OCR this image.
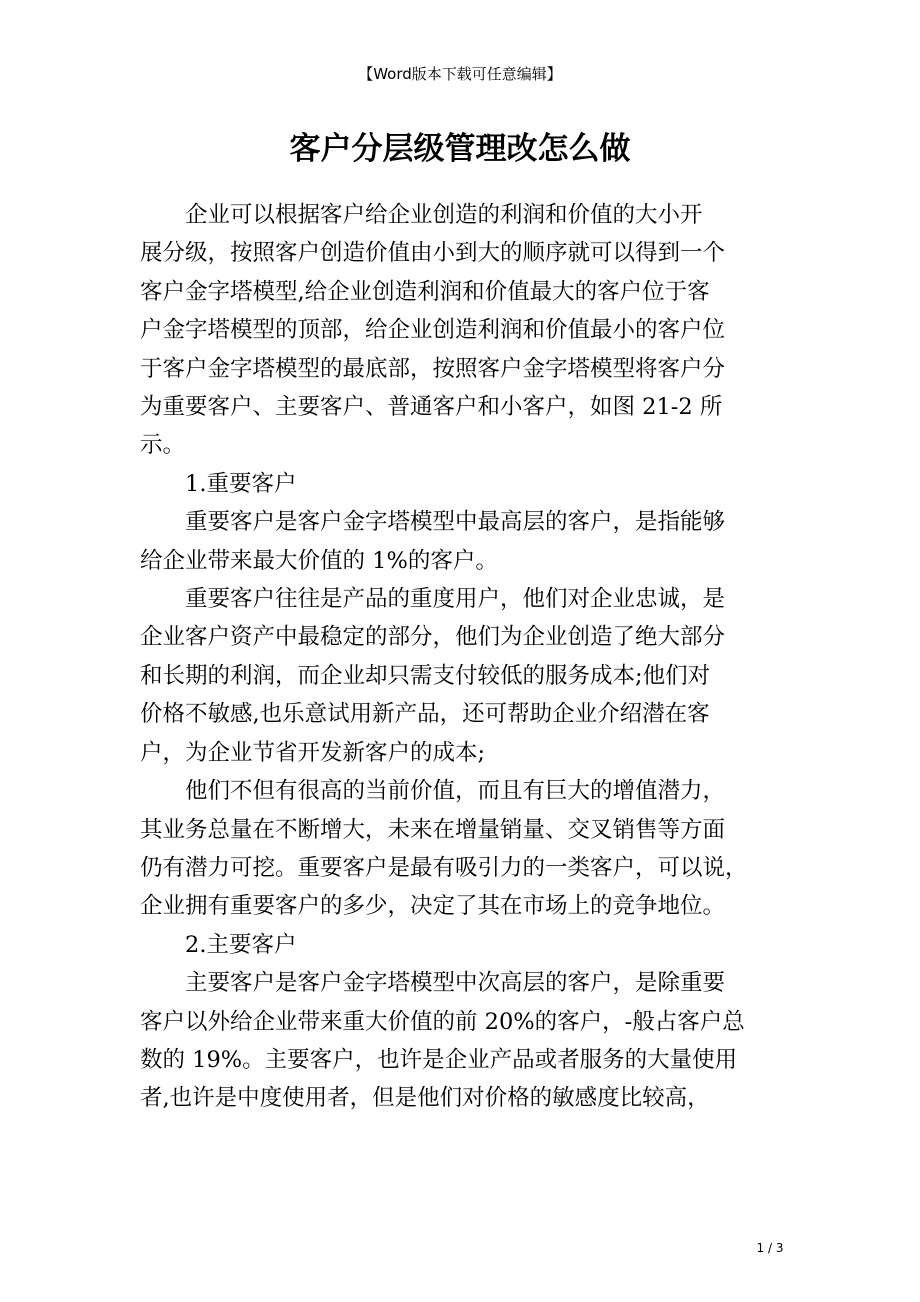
【Word版本下载可任意编辑】
客户分层级管理改怎么做

企业可以根据客户给企业创造的利润和价值的大小开
展分级，按照客户创造价值由小到大的顺序就可以得到一个
客户金字塔模型,给企业创造利润和价值最大的客户位于客
户金字塔模型的顶部，给企业创造利润和价值最小的客户位
于客户金字塔模型的最底部，按照客户金字塔模型将客户分
为重要客户、主要客户、普通客户和小客户，如图 21-2 所
示。

1.重要客户

重要客户是客户金字塔模型中最高层的客户，是指能够
给企业带来最大价值的 1%的客户。

重要客户往往是产品的重度用户，他们对企业忠诚，是
企业客户资产中最稳定的部分，他们为企业创造了绝大部分
和长期的利润，而企业却只需支付较低的服务成本;他们对
价格不敏感,也乐意试用新产品，还可帮助企业介绍潜在客
户，为企业节省开发新客户的成本;

他们不但有很高的当前价值，而且有巨大的增值潜力，
其业务总量在不断增大，未来在增量销量、交叉销售等方面
仍有潜力可挖。重要客户是最有吸引力的一类客户，可以说，
企业拥有重要客户的多少，决定了其在市场上的竞争地位。

2.主要客户

主要客户是客户金字塔模型中次高层的客户，是除重要
客户以外给企业带来重大价值的前 20%的客户，-般占客户总
数的 19%。主要客户，也许是企业产品或者服务的大量使用
者,也许是中度使用者，但是他们对价格的敏感度比较高，

1 / 3
